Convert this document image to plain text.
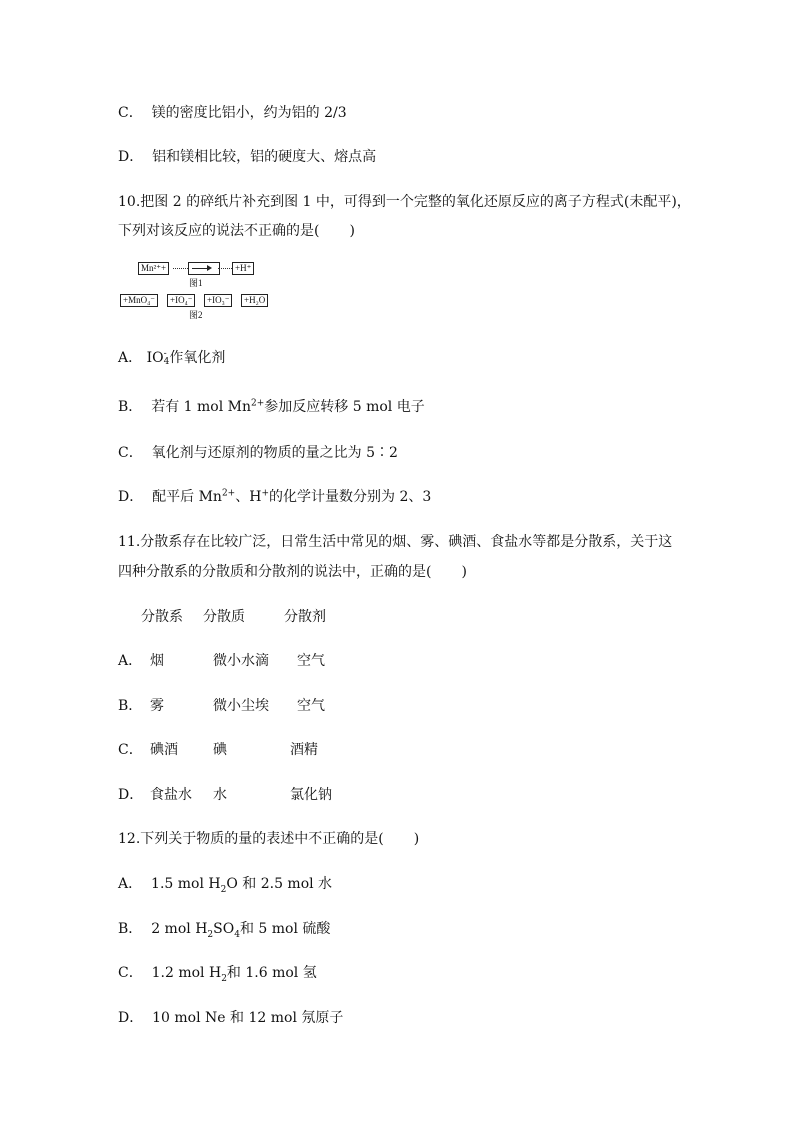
C． 镁的密度比铝小，约为铝的 2/3
D． 铝和镁相比较，铝的硬度大、熔点高
10.把图 2 的碎纸片补充到图 1 中，可得到一个完整的氧化还原反应的离子方程式(未配平)，
下列对该反应的说法不正确的是( )
Mn²⁺+	+H⁺
图1
+MnO₄⁻	+IO₄⁻	+IO₃⁻	+H₂O
图2
A． IO -
4 作氧化剂
B． 若有 1 mol $Mn^{2+}$参加反应转移 5 mol 电子
C． 氧化剂与还原剂的物质的量之比为 5∶2
D． 配平后 $Mn^{2+}$、H+的化学计量数分别为 2、3
11.分散系存在比较广泛，日常生活中常见的烟、雾、碘酒、食盐水等都是分散系，关于这
四种分散系的分散质和分散剂的说法中，正确的是( )
分散系 分散质	分散剂
A． 烟	微小水滴 空气
B． 雾	微小尘埃 空气
C． 碘酒	碘	酒精
D． 食盐水 水	氯化钠
12.下列关于物质的量的表述中不正确的是( )
A． 1.5 mol $H_2O$ 和 2.5 mol 水
B． 2 mol $H_2SO_4$和 5 mol 硫酸
C． 1.2 mol $H_2$和 1.6 mol 氢
D． 10 mol Ne 和 12 mol 氖原子
